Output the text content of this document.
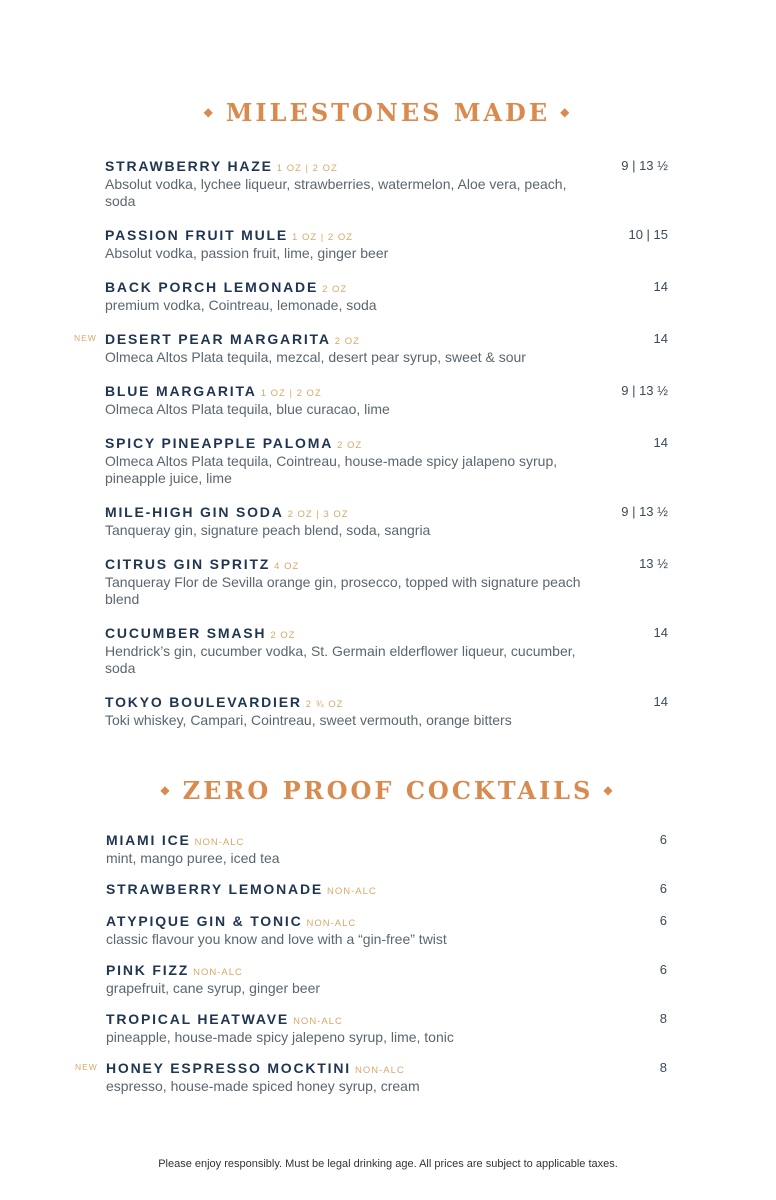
◆ MILESTONES MADE ◆
STRAWBERRY HAZE 1 OZ | 2 OZ	9 | 13 ½
Absolut vodka, lychee liqueur, strawberries, watermelon, Aloe vera, peach, soda
PASSION FRUIT MULE 1 OZ | 2 OZ	10 | 15
Absolut vodka, passion fruit, lime, ginger beer
BACK PORCH LEMONADE 2 OZ	14
premium vodka, Cointreau, lemonade, soda
NEW DESERT PEAR MARGARITA 2 OZ	14
Olmeca Altos Plata tequila, mezcal, desert pear syrup, sweet & sour
BLUE MARGARITA 1 OZ | 2 OZ	9 | 13 ½
Olmeca Altos Plata tequila, blue curacao, lime
SPICY PINEAPPLE PALOMA 2 OZ	14
Olmeca Altos Plata tequila, Cointreau, house-made spicy jalapeno syrup, pineapple juice, lime
MILE-HIGH GIN SODA 2 OZ | 3 OZ	9 | 13 ½
Tanqueray gin, signature peach blend, soda, sangria
CITRUS GIN SPRITZ 4 OZ	13 ½
Tanqueray Flor de Sevilla orange gin, prosecco, topped with signature peach blend
CUCUMBER SMASH 2 OZ	14
Hendrick’s gin, cucumber vodka, St. Germain elderflower liqueur, cucumber, soda
TOKYO BOULEVARDIER 2 ¾ OZ	14
Toki whiskey, Campari, Cointreau, sweet vermouth, orange bitters
◆ ZERO PROOF COCKTAILS ◆
MIAMI ICE NON-ALC	6
mint, mango puree, iced tea
STRAWBERRY LEMONADE NON-ALC	6
ATYPIQUE GIN & TONIC NON-ALC	6
classic flavour you know and love with a “gin-free” twist
PINK FIZZ NON-ALC	6
grapefruit, cane syrup, ginger beer
TROPICAL HEATWAVE NON-ALC	8
pineapple, house-made spicy jalepeno syrup, lime, tonic
NEW HONEY ESPRESSO MOCKTINI NON-ALC	8
espresso, house-made spiced honey syrup, cream
Please enjoy responsibly. Must be legal drinking age. All prices are subject to applicable taxes.
